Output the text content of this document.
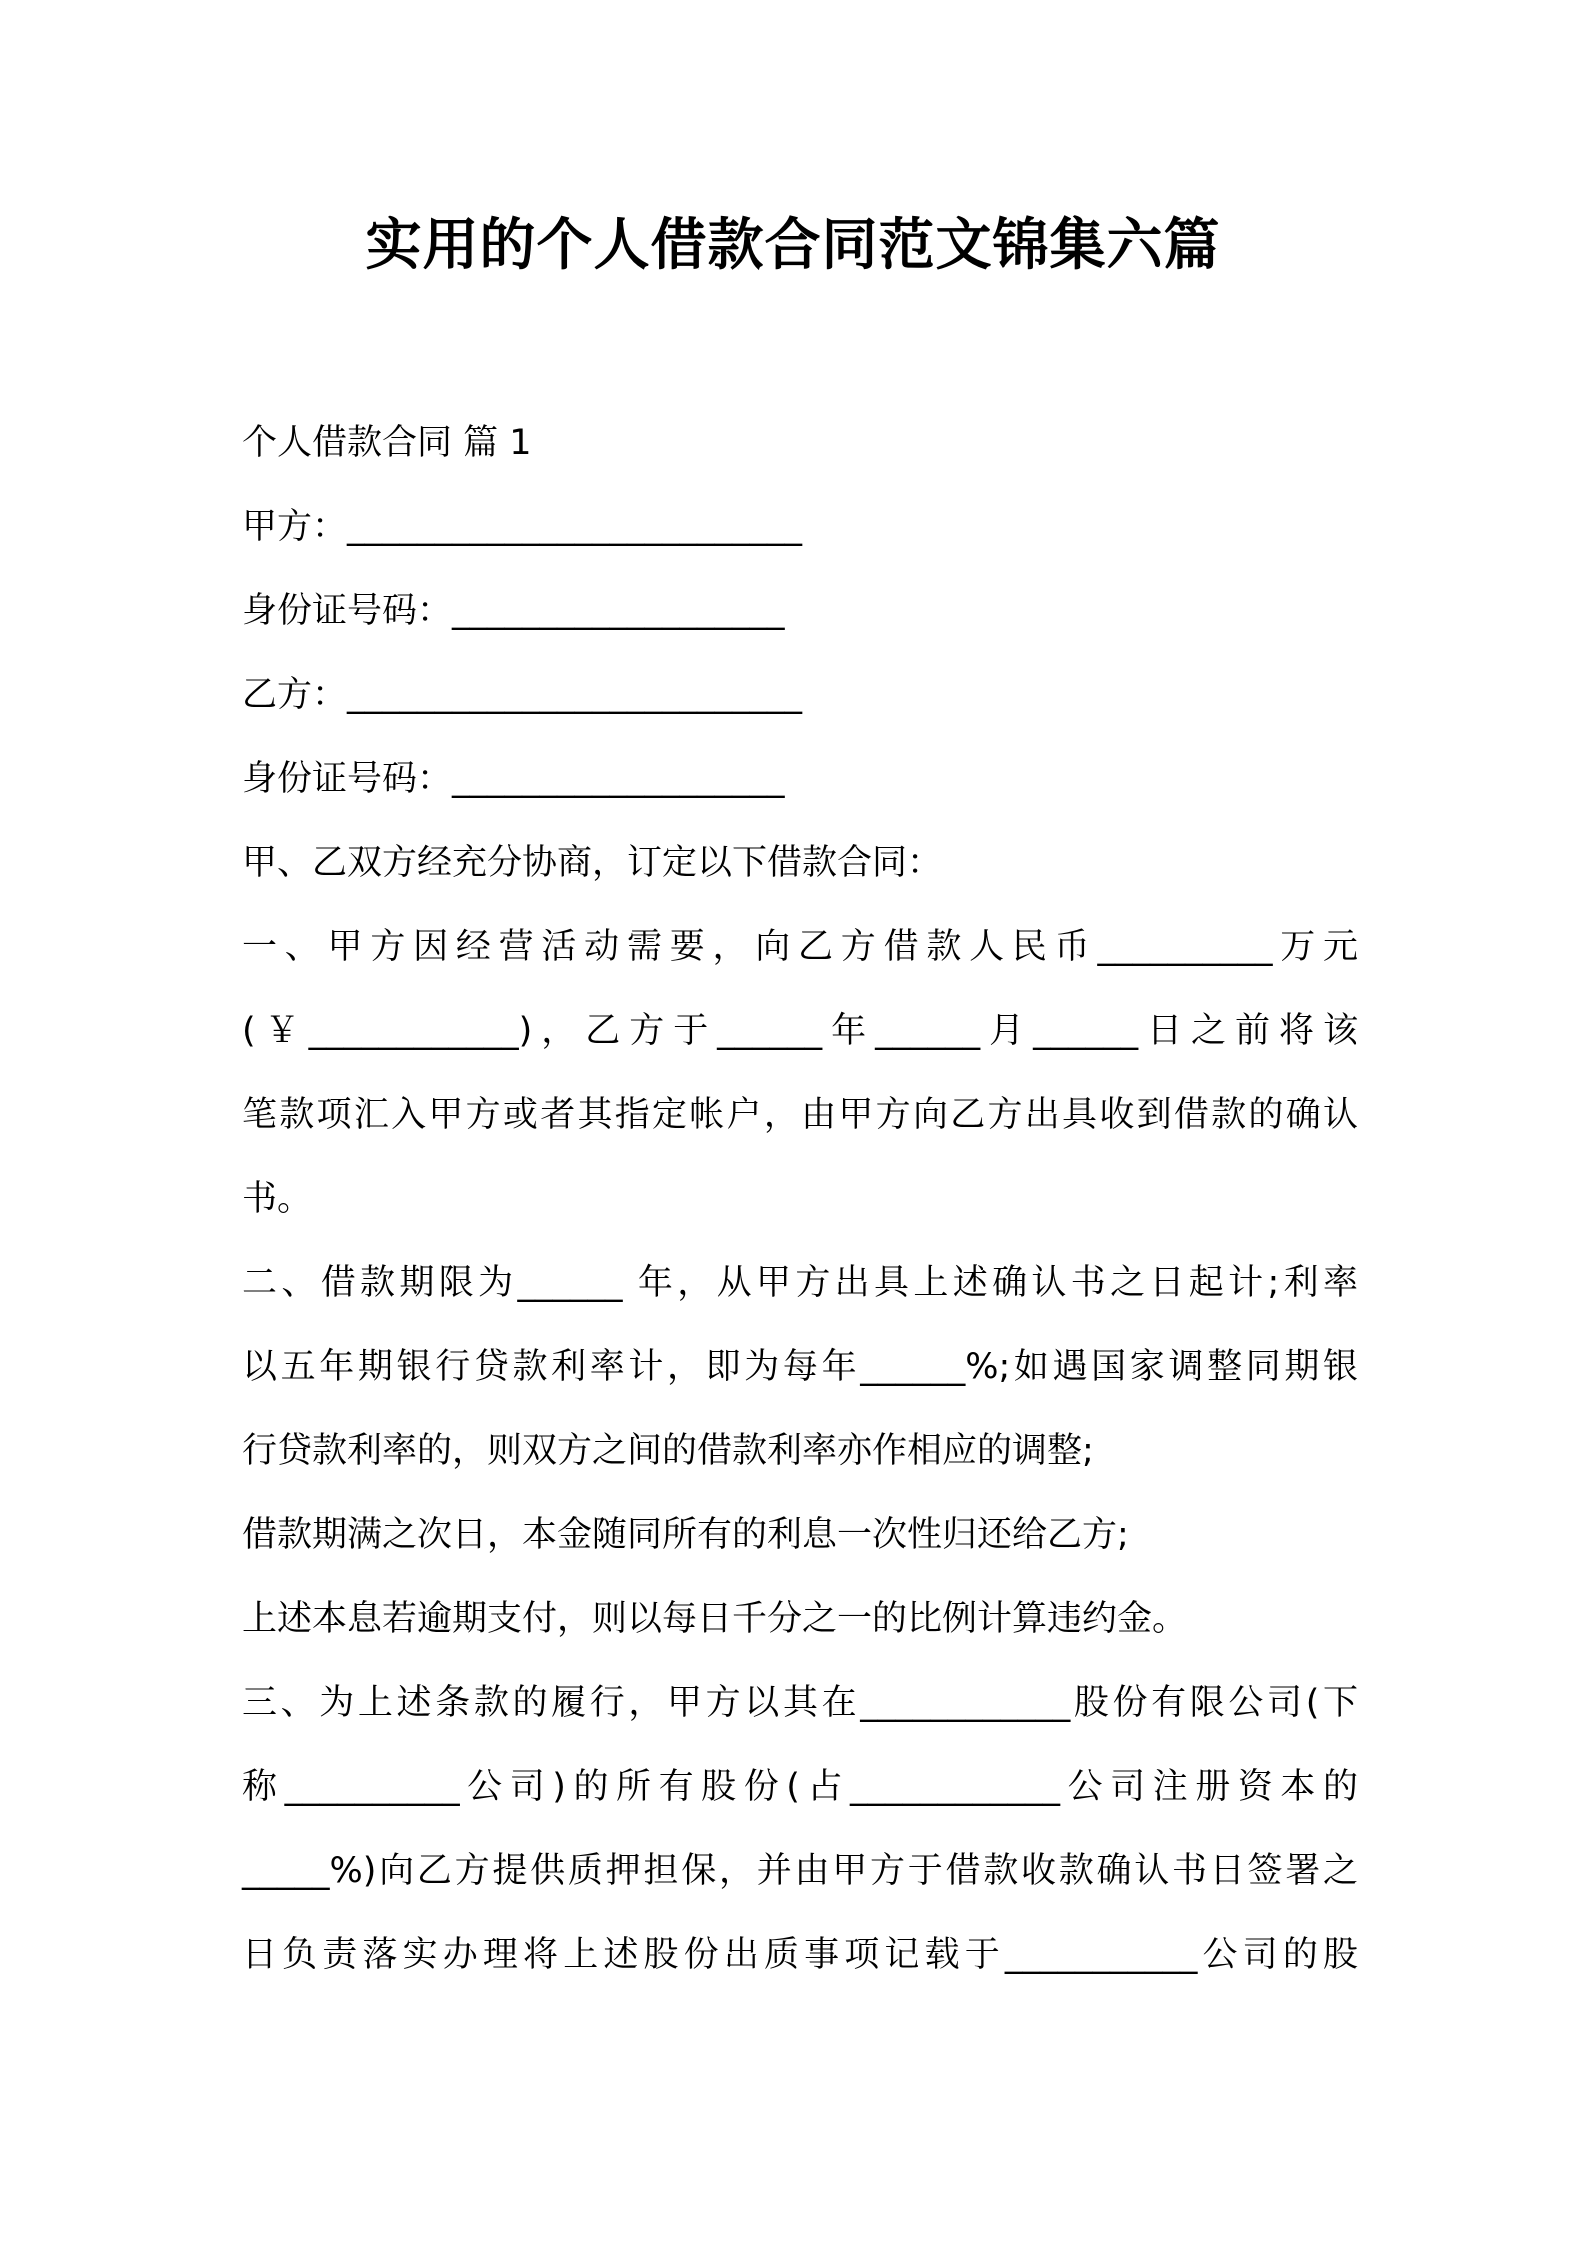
实用的个人借款合同范文锦集六篇
个人借款合同 篇 1
甲方：__________________________
身份证号码：___________________
乙方：__________________________
身份证号码：___________________
甲、乙双方经充分协商，订定以下借款合同：
一、甲方因经营活动需要，向乙方借款人民币__________万元
(￥____________)，乙方于______年______月______日之前将该
笔款项汇入甲方或者其指定帐户，由甲方向乙方出具收到借款的确认
书。
二、借款期限为______ 年，从甲方出具上述确认书之日起计;利率
以五年期银行贷款利率计，即为每年______%;如遇国家调整同期银
行贷款利率的，则双方之间的借款利率亦作相应的调整;
借款期满之次日，本金随同所有的利息一次性归还给乙方;
上述本息若逾期支付，则以每日千分之一的比例计算违约金。
三、为上述条款的履行，甲方以其在____________股份有限公司(下
称__________公司)的所有股份(占____________公司注册资本的
_____%)向乙方提供质押担保，并由甲方于借款收款确认书日签署之
日负责落实办理将上述股份出质事项记载于___________公司的股
